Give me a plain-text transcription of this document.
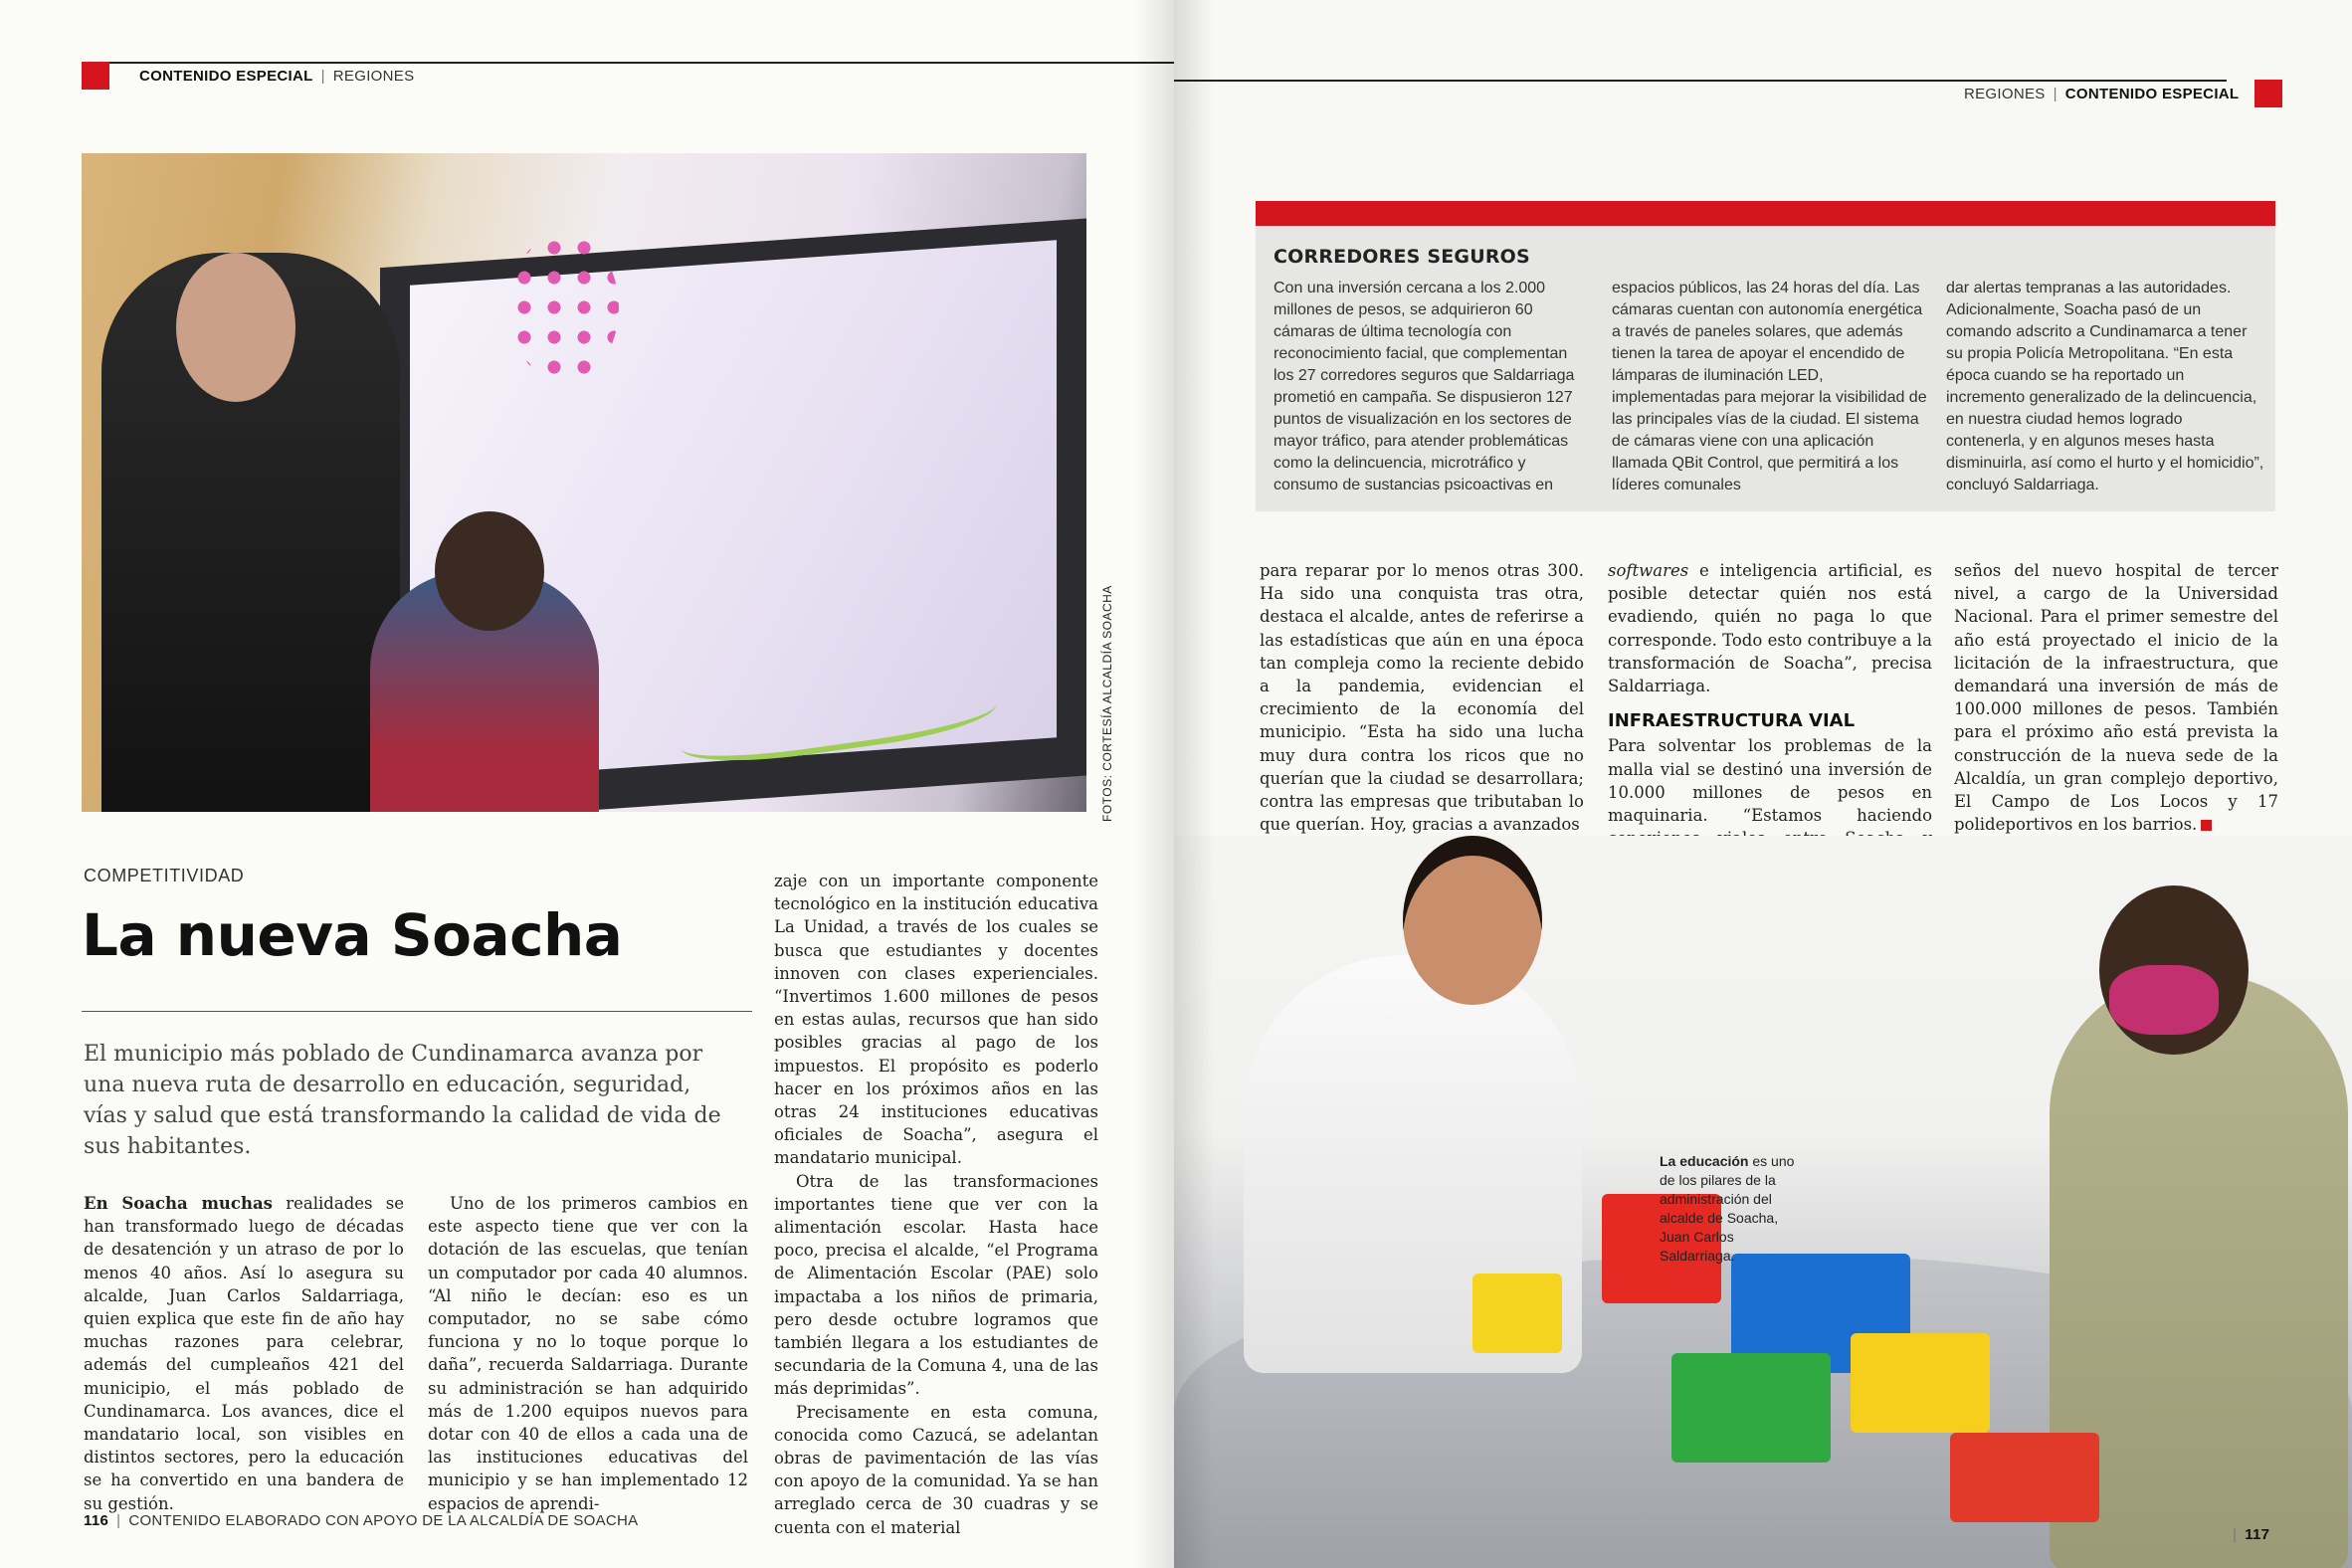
CONTENIDO ESPECIAL | REGIONES
FOTOS: CORTESÍA ALCALDÍA SOACHA
COMPETITIVIDAD
La nueva Soacha

El municipio más poblado de Cundinamarca avanza por una nueva ruta de desarrollo en educación, seguridad, vías y salud que está transformando la calidad de vida de sus habitantes.

En Soacha muchas realidades se han transformado luego de décadas de desatención y un atraso de por lo menos 40 años. Así lo asegura su alcalde, Juan Carlos Saldarriaga, quien explica que este fin de año hay muchas razones para celebrar, además del cumpleaños 421 del municipio, el más poblado de Cundinamarca. Los avances, dice el mandatario local, son visibles en distintos sectores, pero la educación se ha convertido en una bandera de su gestión.

Uno de los primeros cambios en este aspecto tiene que ver con la dotación de las escuelas, que tenían un computador por cada 40 alumnos. “Al niño le decían: eso es un computador, no se sabe cómo funciona y no lo toque porque lo daña”, recuerda Saldarriaga. Durante su administración se han adquirido más de 1.200 equipos nuevos para dotar con 40 de ellos a cada una de las instituciones educativas del municipio y se han implementado 12 espacios de aprendi-

zaje con un importante componente tecnológico en la institución educativa La Unidad, a través de los cuales se busca que estudiantes y docentes innoven con clases experienciales. “Invertimos 1.600 millones de pesos en estas aulas, recursos que han sido posibles gracias al pago de los impuestos. El propósito es poderlo hacer en los próximos años en las otras 24 instituciones educativas oficiales de Soacha”, asegura el mandatario municipal.

Otra de las transformaciones importantes tiene que ver con la alimentación escolar. Hasta hace poco, precisa el alcalde, “el Programa de Alimentación Escolar (PAE) solo impactaba a los niños de primaria, pero desde octubre logramos que también llegara a los estudiantes de secundaria de la Comuna 4, una de las más deprimidas”.

Precisamente en esta comuna, conocida como Cazucá, se adelantan obras de pavimentación de las vías con apoyo de la comunidad. Ya se han arreglado cerca de 30 cuadras y se cuenta con el material

116 | CONTENIDO ELABORADO CON APOYO DE LA ALCALDÍA DE SOACHA
REGIONES | CONTENIDO ESPECIAL
CORREDORES SEGUROS
Con una inversión cercana a los 2.000 millones de pesos, se adquirieron 60 cámaras de última tecnología con reconocimiento facial, que complementan los 27 corredores seguros que Saldarriaga prometió en campaña. Se dispusieron 127 puntos de visualización en los sectores de mayor tráfico, para atender problemáticas como la delincuencia, microtráfico y consumo de sustancias psicoactivas en
espacios públicos, las 24 horas del día. Las cámaras cuentan con autonomía energética a través de paneles solares, que además tienen la tarea de apoyar el encendido de lámparas de iluminación LED, implementadas para mejorar la visibilidad de las principales vías de la ciudad. El sistema de cámaras viene con una aplicación llamada QBit Control, que permitirá a los líderes comunales
dar alertas tempranas a las autoridades. Adicionalmente, Soacha pasó de un comando adscrito a Cundinamarca a tener su propia Policía Metropolitana. “En esta época cuando se ha reportado un incremento generalizado de la delincuencia, en nuestra ciudad hemos logrado contenerla, y en algunos meses hasta disminuirla, así como el hurto y el homicidio”, concluyó Saldarriaga.

para reparar por lo menos otras 300. Ha sido una conquista tras otra, destaca el alcalde, antes de referirse a las estadísticas que aún en una época tan compleja como la reciente debido a la pandemia, evidencian el crecimiento de la economía del municipio. “Esta ha sido una lucha muy dura contra los ricos que no querían que la ciudad se desarrollara; contra las empresas que tributaban lo que querían. Hoy, gracias a avanzados

softwares e inteligencia artificial, es posible detectar quién nos está evadiendo, quién no paga lo que corresponde. Todo esto contribuye a la transformación de Soacha”, precisa Saldarriaga.

INFRAESTRUCTURA VIAL

Para solventar los problemas de la malla vial se destinó una inversión de 10.000 millones de pesos en maquinaria. “Estamos haciendo

seños del nuevo hospital de tercer nivel, a cargo de la Universidad Nacional. Para el primer semestre del año está proyectado el inicio de la licitación de la infraestructura, que demandará una inversión de más de 100.000 millones de pesos. También para el próximo año está prevista la construcción de la nueva sede de la Alcaldía, un gran complejo deportivo, El Campo de Los Locos y 17 polideportivos en los barrios.

La educación es uno de los pilares de la administración del alcalde de Soacha, Juan Carlos Saldarriaga.
| 117
